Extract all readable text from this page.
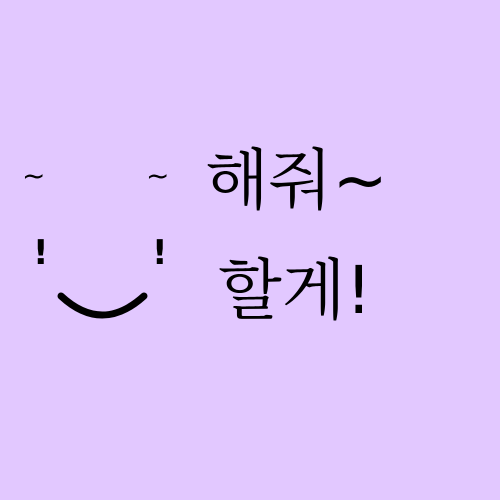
~	~
!	!
해줘~
할게!
